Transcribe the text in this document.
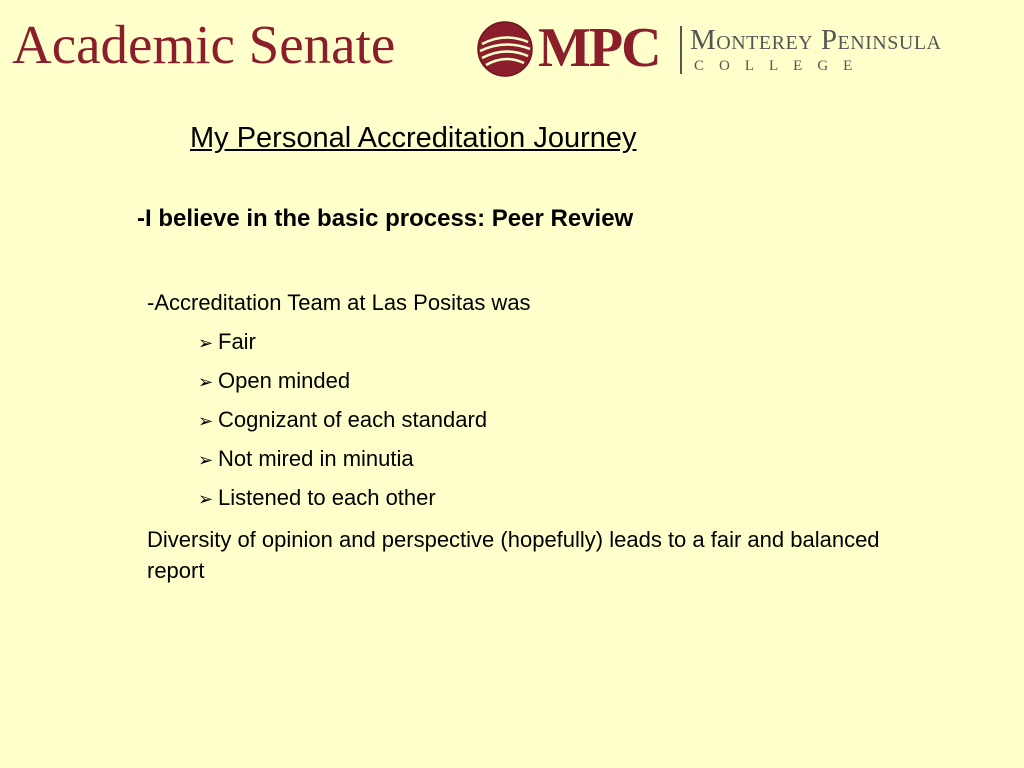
Academic Senate	MPC Monterey Peninsula
COLLEGE
My Personal Accreditation Journey
-I believe in the basic process: Peer Review
-Accreditation Team at Las Positas was
➢ Fair
➢ Open minded
➢ Cognizant of each standard
➢ Not mired in minutia
➢ Listened to each other
Diversity of opinion and perspective (hopefully) leads to a fair and balanced report
